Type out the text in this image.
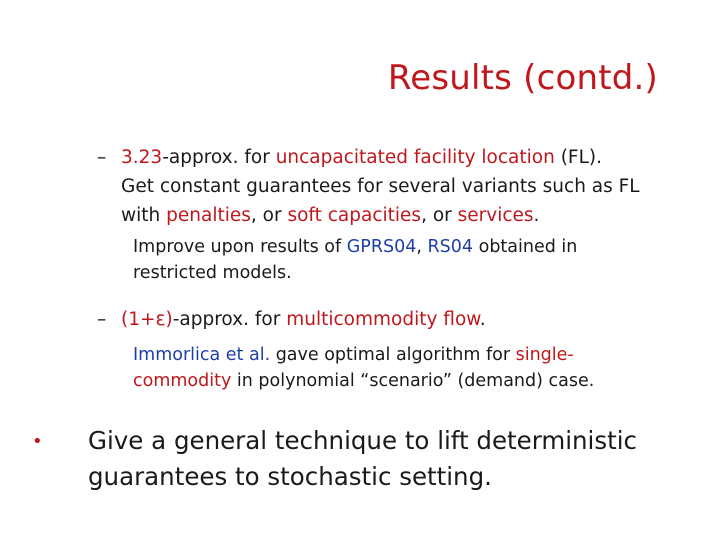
Results (contd.)
– 3.23-approx. for uncapacitated facility location (FL).
Get constant guarantees for several variants such as FL
with penalties, or soft capacities, or services.
Improve upon results of GPRS04, RS04 obtained in
restricted models.
– (1+ε)-approx. for multicommodity flow.
Immorlica et al. gave optimal algorithm for single-
commodity in polynomial “scenario” (demand) case.
• Give a general technique to lift deterministic
guarantees to stochastic setting.
